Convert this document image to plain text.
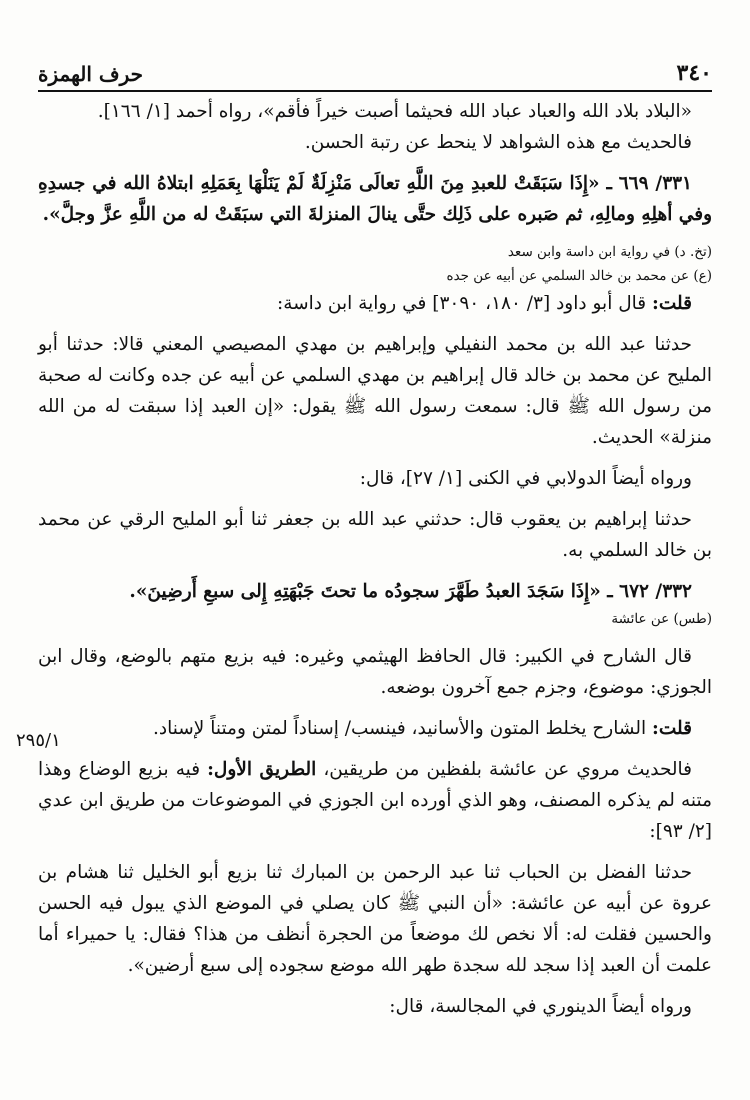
حرف الهمزة	٣٤٠
٢٩٥/١

«البلاد بلاد الله والعباد عباد الله فحيثما أصبت خيراً فأقم»، رواه أحمد [١/ ١٦٦].

فالحديث مع هذه الشواهد لا ينحط عن رتبة الحسن.

٣٣١/ ٦٦٩ ـ «إِذَا سَبَقَتْ للعبدِ مِنَ اللَّهِ تعالَى مَنْزِلَةٌ لَمْ يَنَلْهَا بِعَمَلِهِ ابتلاهُ الله في جسدِهِ وفي أهلِهِ ومالِهِ، ثم صَبره على ذَلِك حتَّى ينالَ المنزلةَ التي سبَقَتْ له من اللَّهِ عزَّ وجلَّ».

(تخ. د) في رواية ابن داسة وابن سعد

(ع) عن محمد بن خالد السلمي عن أبيه عن جده

قلت: قال أبو داود [٣/ ١٨٠، ٣٠٩٠] في رواية ابن داسة:

حدثنا عبد الله بن محمد النفيلي وإبراهيم بن مهدي المصيصي المعني قالا: حدثنا أبو المليح عن محمد بن خالد قال إبراهيم بن مهدي السلمي عن أبيه عن جده وكانت له صحبة من رسول الله ﷺ قال: سمعت رسول الله ﷺ يقول: «إن العبد إذا سبقت له من الله منزلة» الحديث.

ورواه أيضاً الدولابي في الكنى [١/ ٢٧]، قال:

حدثنا إبراهيم بن يعقوب قال: حدثني عبد الله بن جعفر ثنا أبو المليح الرقي عن محمد بن خالد السلمي به.

٣٣٢/ ٦٧٢ ـ «إِذَا سَجَدَ العبدُ طَهَّرَ سجودُه ما تحتَ جَبْهَتِهِ إِلى سبعِ أَرضِينَ».

(طس) عن عائشة

قال الشارح في الكبير: قال الحافظ الهيثمي وغيره: فيه بزيع متهم بالوضع، وقال ابن الجوزي: موضوع، وجزم جمع آخرون بوضعه.

قلت: الشارح يخلط المتون والأسانيد، فينسب/ إسناداً لمتن ومتناً لإسناد.

فالحديث مروي عن عائشة بلفظين من طريقين، الطريق الأول: فيه بزيع الوضاع وهذا متنه لم يذكره المصنف، وهو الذي أورده ابن الجوزي في الموضوعات من طريق ابن عدي [٢/ ٩٣]:

حدثنا الفضل بن الحباب ثنا عبد الرحمن بن المبارك ثنا بزيع أبو الخليل ثنا هشام بن عروة عن أبيه عن عائشة: «أن النبي ﷺ كان يصلي في الموضع الذي يبول فيه الحسن والحسين فقلت له: ألا نخص لك موضعاً من الحجرة أنظف من هذا؟ فقال: يا حميراء أما علمت أن العبد إذا سجد لله سجدة طهر الله موضع سجوده إلى سبع أرضين».

ورواه أيضاً الدينوري في المجالسة، قال:
